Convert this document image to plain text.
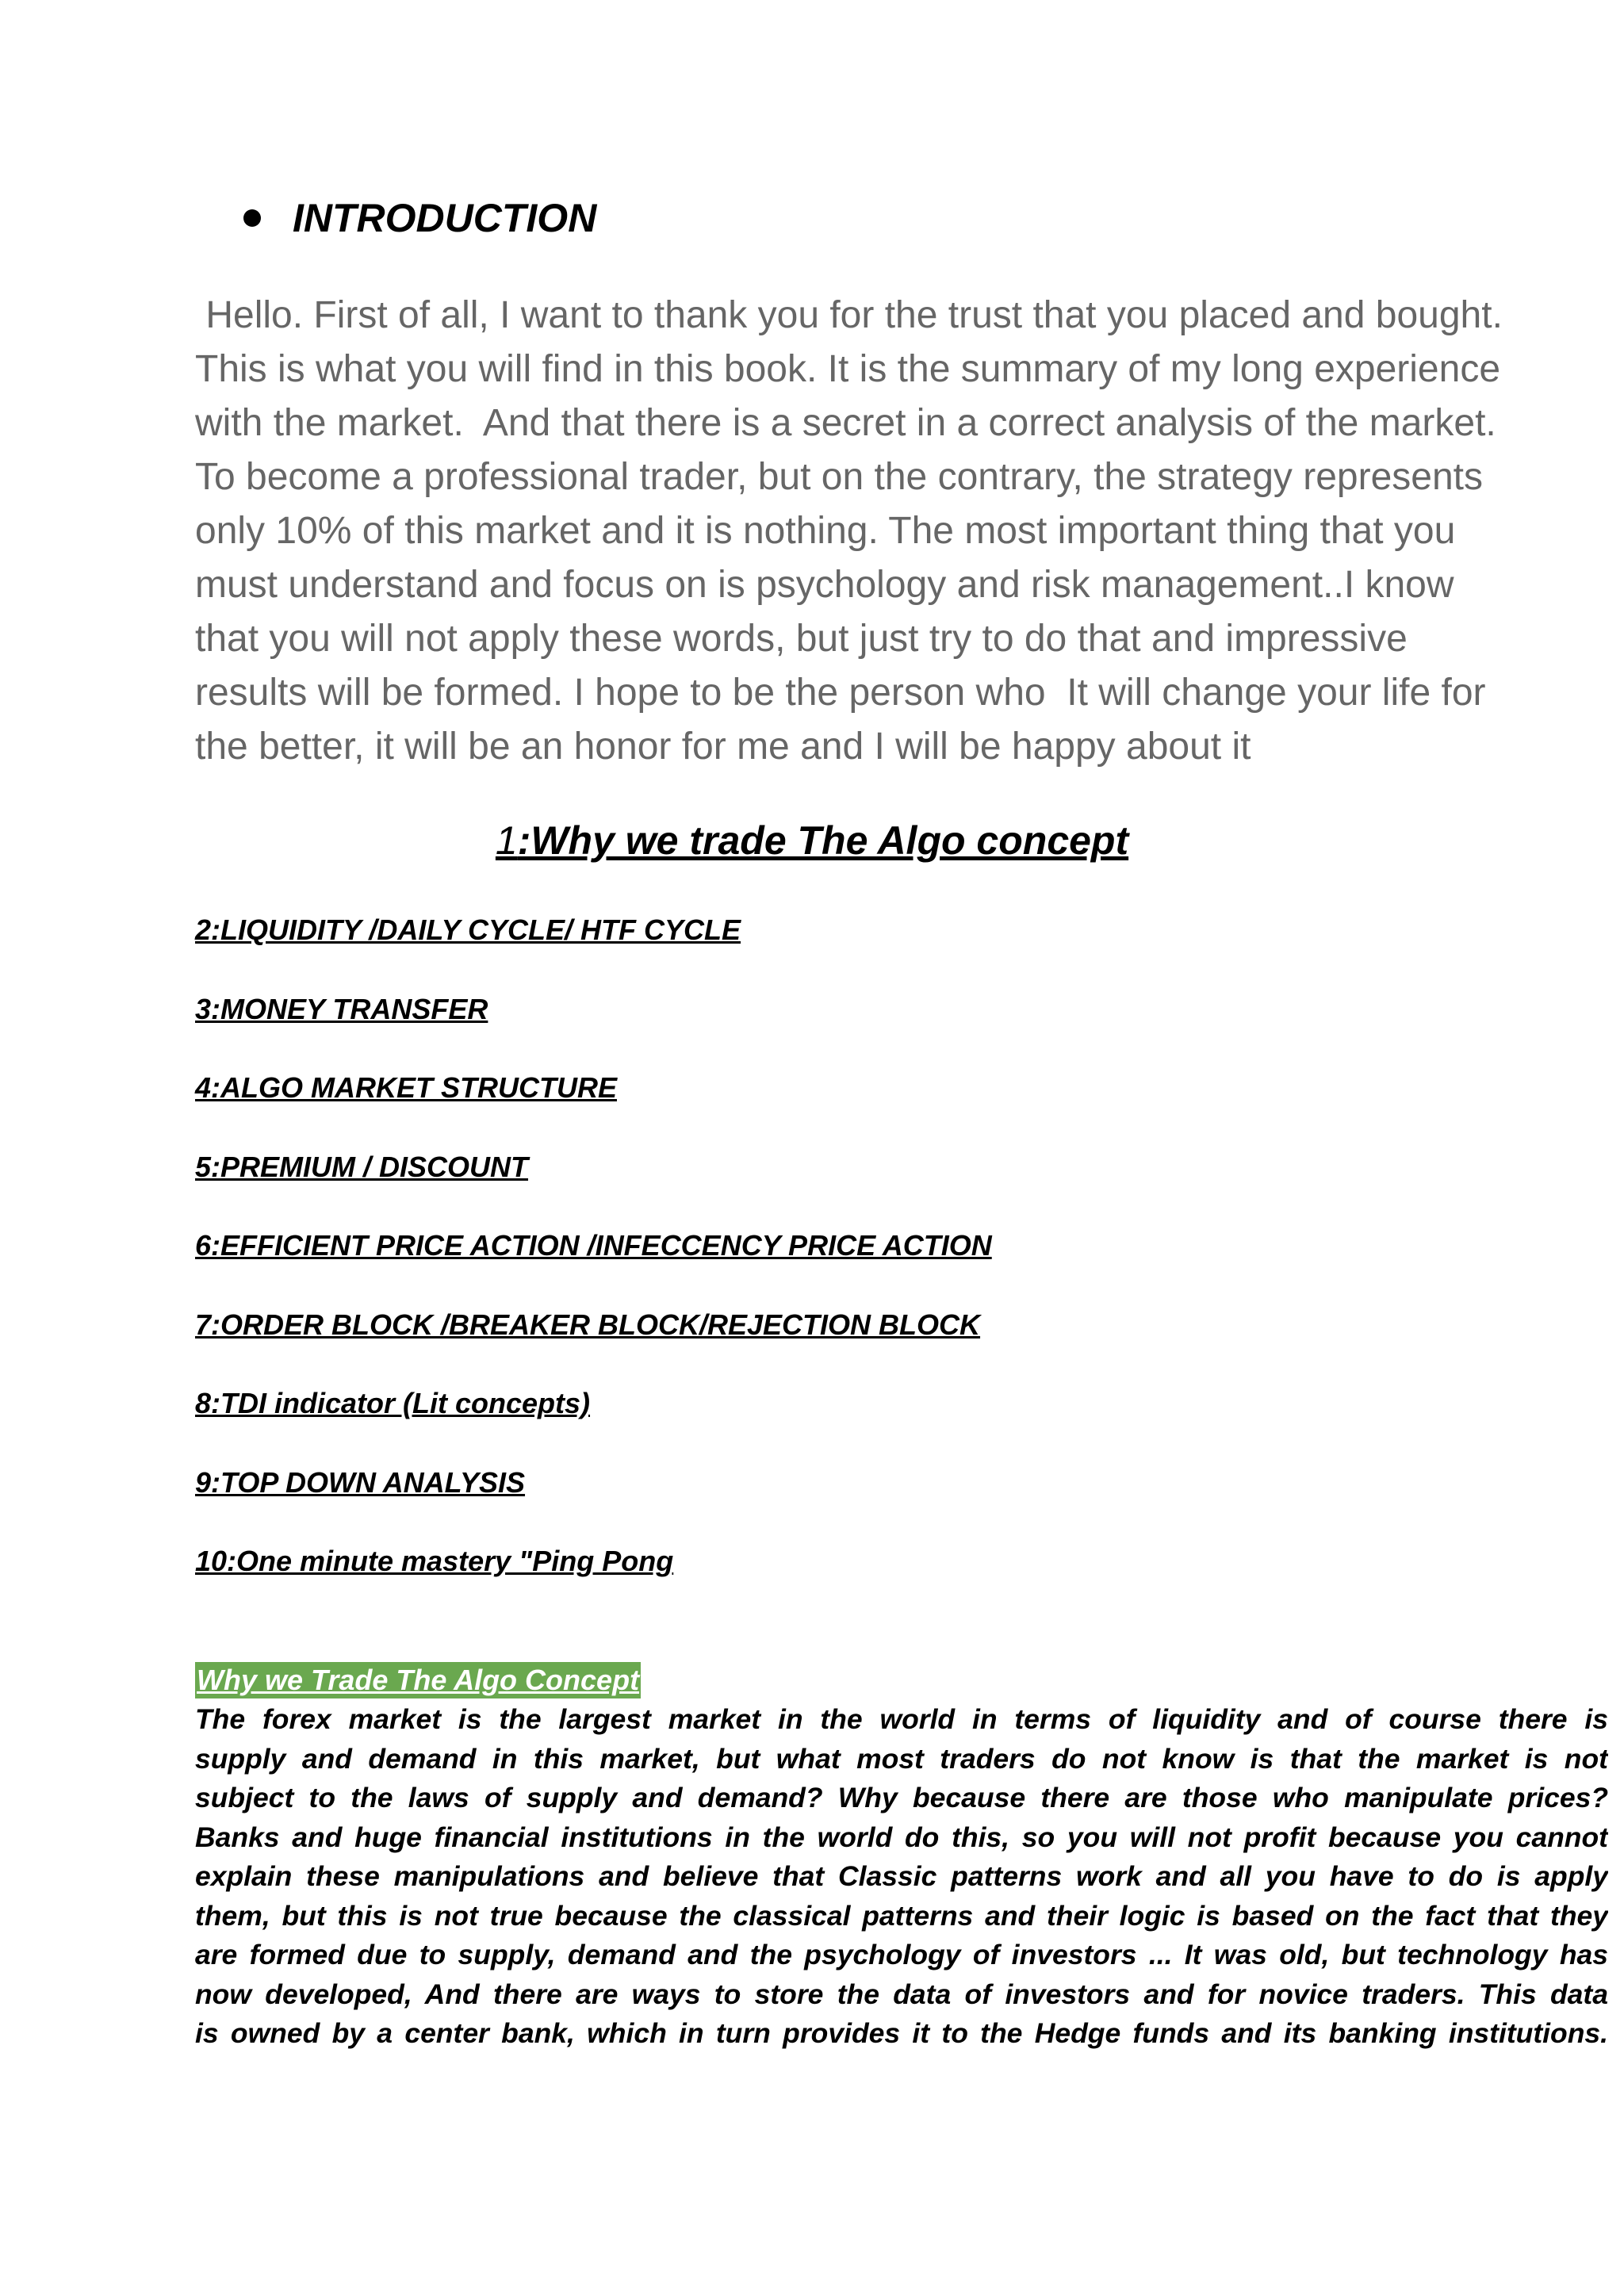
INTRODUCTION
Hello. First of all, I want to thank you for the trust that you placed and bought.
This is what you will find in this book. It is the summary of my long experience
with the market.  And that there is a secret in a correct analysis of the market.
To become a professional trader, but on the contrary, the strategy represents
only 10% of this market and it is nothing. The most important thing that you
must understand and focus on is psychology and risk management..I know
that you will not apply these words, but just try to do that and impressive
results will be formed. I hope to be the person who  It will change your life for
the better, it will be an honor for me and I will be happy about it
1:Why we trade The Algo concept
2:LIQUIDITY /DAILY CYCLE/ HTF CYCLE
3:MONEY TRANSFER
4:ALGO MARKET STRUCTURE
5:PREMIUM / DISCOUNT
6:EFFICIENT PRICE ACTION /INFECCENCY PRICE ACTION
7:ORDER BLOCK /BREAKER BLOCK/REJECTION BLOCK
8:TDI indicator (Lit concepts)
9:TOP DOWN ANALYSIS
10:One minute mastery "Ping Pong
Why we Trade The Algo Concept
The forex market is the largest market in the world in terms of liquidity and of course there is
supply and demand in this market, but what most traders do not know is that the market is not
subject to the laws of supply and demand? Why because there are those who manipulate prices?
Banks and huge financial institutions in the world do this, so you will not profit because you cannot
explain these manipulations and believe that Classic patterns work and all you have to do is apply
them, but this is not true because the classical patterns and their logic is based on the fact that they
are formed due to supply, demand and the psychology of investors ... It was old, but technology has
now developed, And there are ways to store the data of investors and for novice traders. This data
is owned by a center bank, which in turn provides it to the Hedge funds and its banking institutions.
